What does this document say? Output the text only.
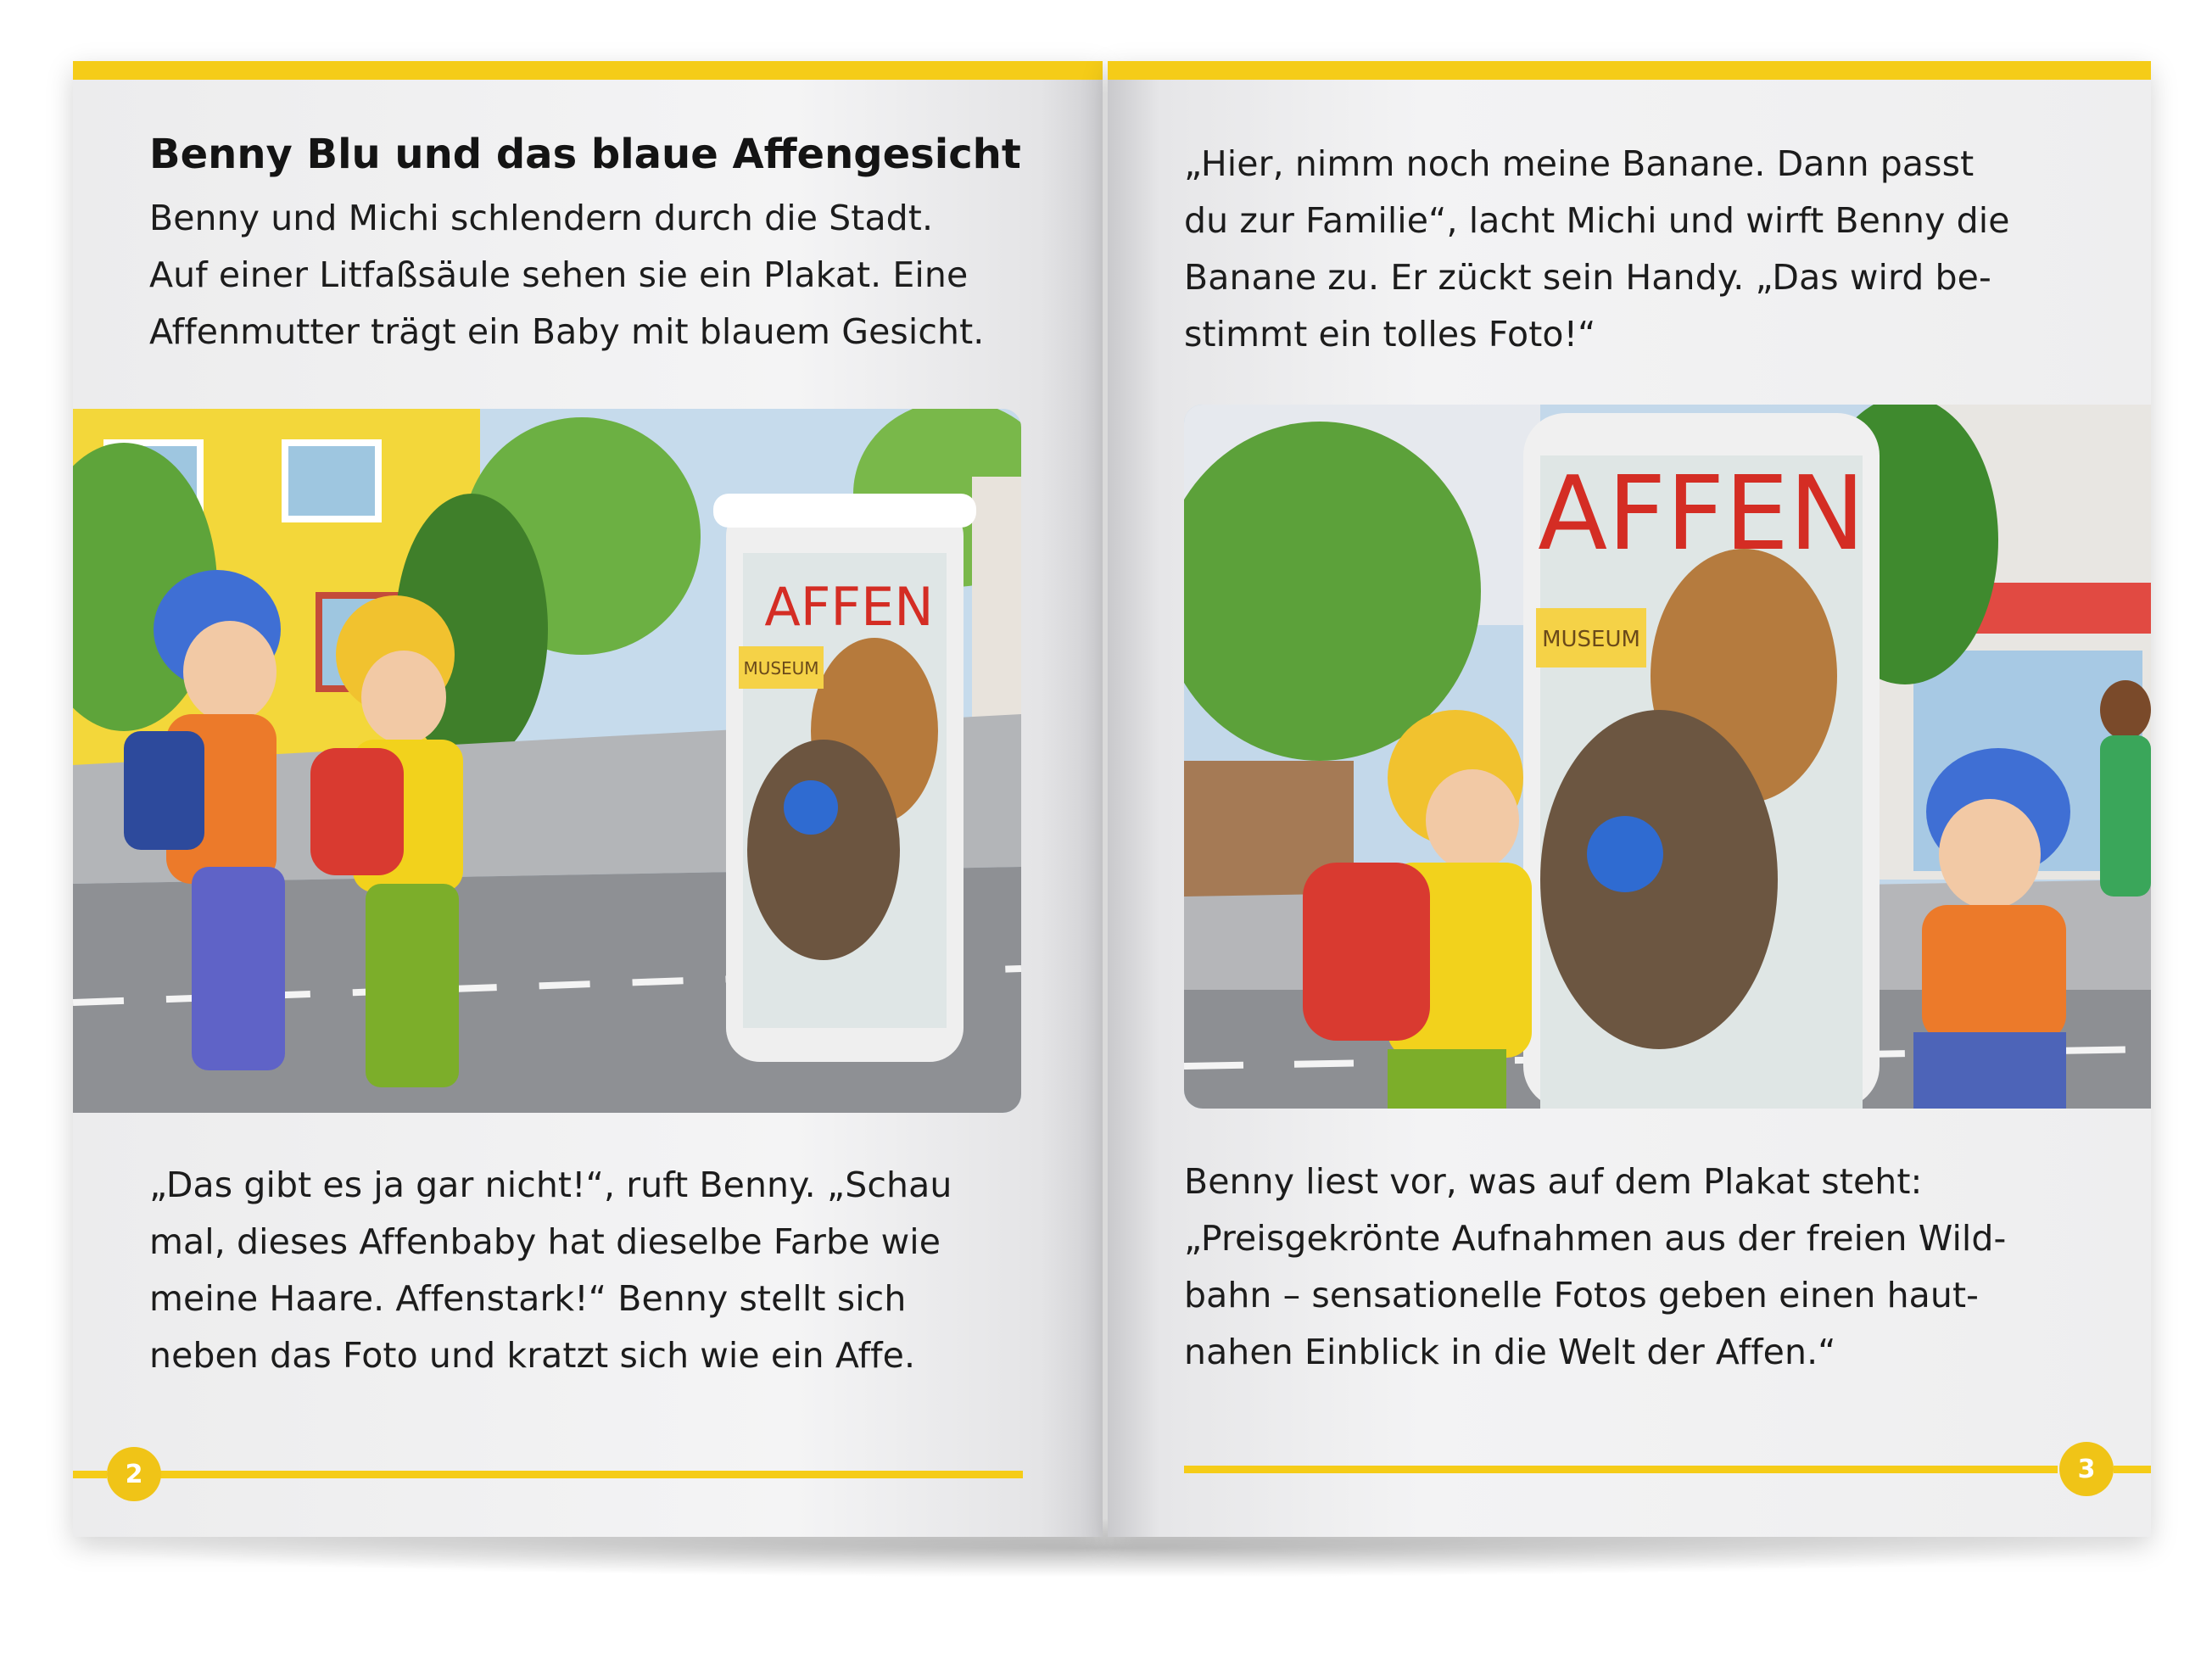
Benny Blu und das blaue Affengesicht
Benny und Michi schlendern durch die Stadt.
Auf einer Litfaßsäule sehen sie ein Plakat. Eine
Affenmutter trägt ein Baby mit blauem Gesicht.
AFFEN
MUSEUM
„Das gibt es ja gar nicht!“, ruft Benny. „Schau
mal, dieses Affenbaby hat dieselbe Farbe wie
meine Haare. Affenstark!“ Benny stellt sich
neben das Foto und kratzt sich wie ein Affe.
2
„Hier, nimm noch meine Banane. Dann passt
du zur Familie“, lacht Michi und wirft Benny die
Banane zu. Er zückt sein Handy. „Das wird be-
stimmt ein tolles Foto!“
AFFEN
MUSEUM
Benny liest vor, was auf dem Plakat steht:
„Preisgekrönte Aufnahmen aus der freien Wild-
bahn – sensationelle Fotos geben einen haut-
nahen Einblick in die Welt der Affen.“
3
